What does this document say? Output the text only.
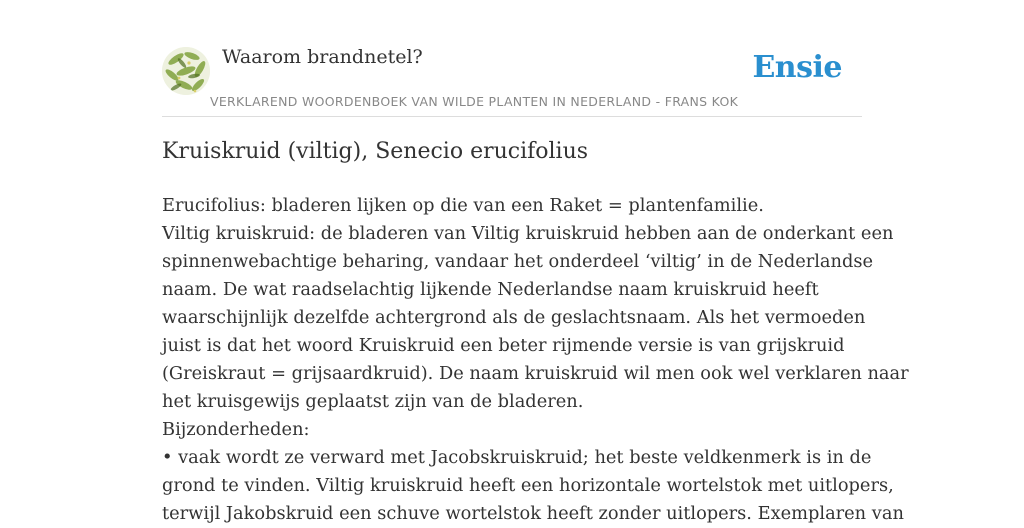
Waarom brandnetel?
VERKLAREND WOORDENBOEK VAN WILDE PLANTEN IN NEDERLAND - FRANS KOK
Ensie
Kruiskruid (viltig), Senecio erucifolius
Erucifolius: bladeren lijken op die van een Raket = plantenfamilie.
Viltig kruiskruid: de bladeren van Viltig kruiskruid hebben aan de onderkant een
spinnenwebachtige beharing, vandaar het onderdeel ‘viltig’ in de Nederlandse
naam. De wat raadselachtig lijkende Nederlandse naam kruiskruid heeft
waarschijnlijk dezelfde achtergrond als de geslachtsnaam. Als het vermoeden
juist is dat het woord Kruiskruid een beter rijmende versie is van grijskruid
(Greiskraut = grijsaardkruid). De naam kruiskruid wil men ook wel verklaren naar
het kruisgewijs geplaatst zijn van de bladeren.
Bijzonderheden:
• vaak wordt ze verward met Jacobskruiskruid; het beste veldkenmerk is in de
grond te vinden. Viltig kruiskruid heeft een horizontale wortelstok met uitlopers,
terwijl Jakobskruid een schuve wortelstok heeft zonder uitlopers. Exemplaren van
